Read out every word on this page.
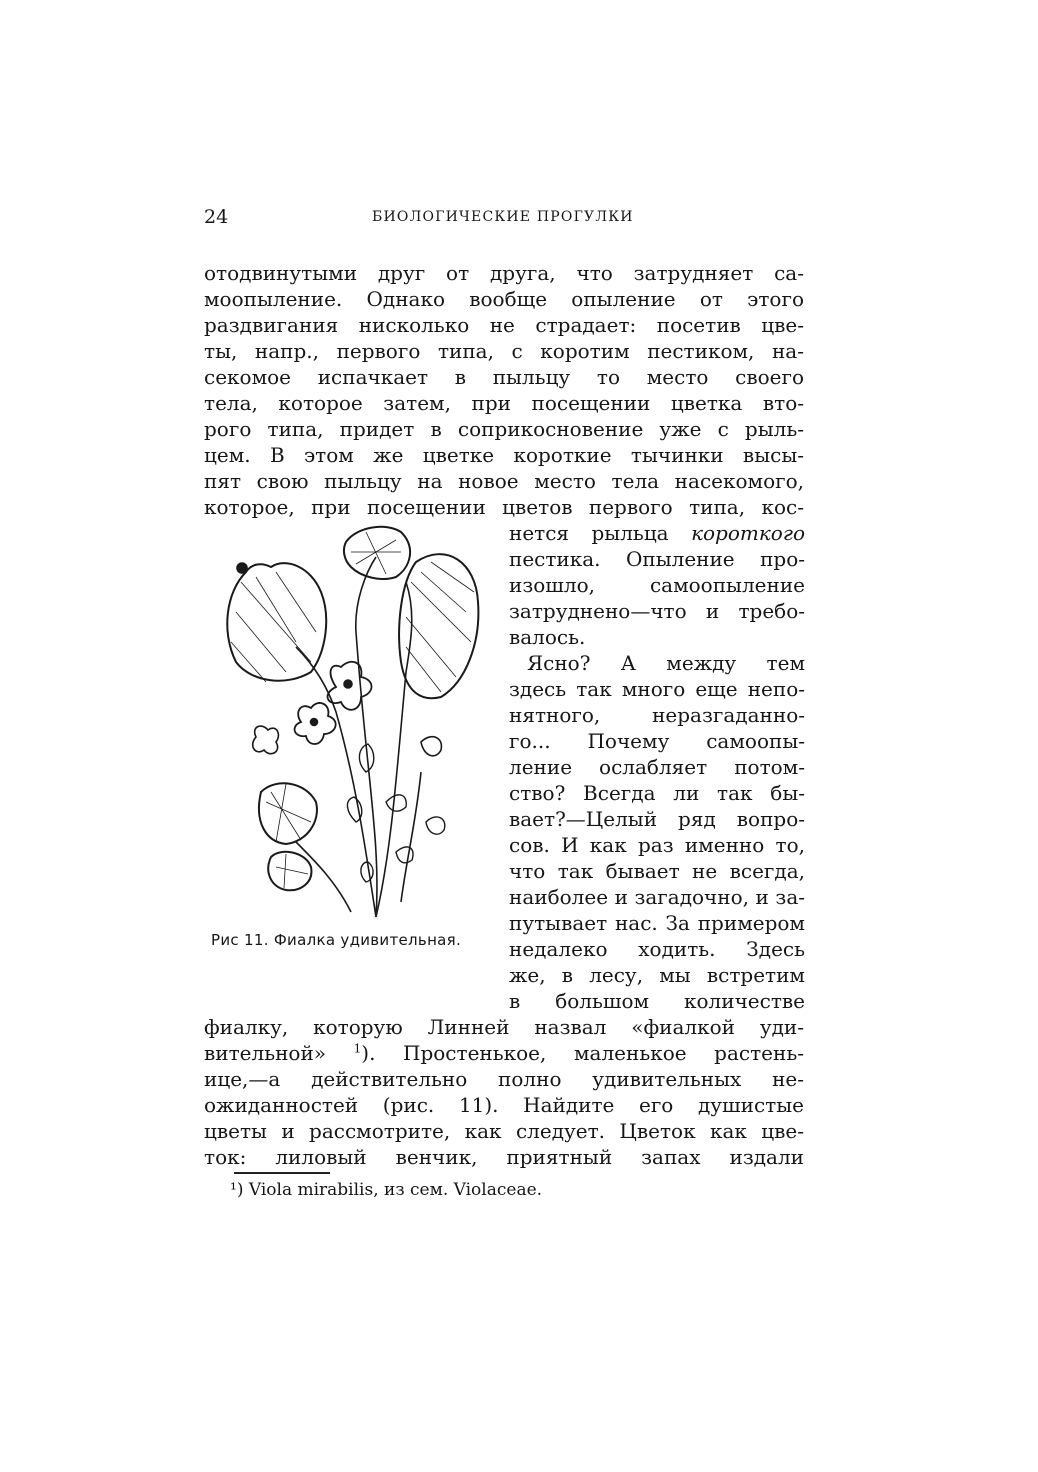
24	БИОЛОГИЧЕСКИЕ ПРОГУЛКИ
отодвинутыми друг от друга, что затрудняет са-
моопыление. Однако вообще опыление от этого
раздвигания нисколько не страдает: посетив цве-
ты, напр., первого типа, с коротим пестиком, на-
секомое испачкает в пыльцу то место своего
тела, которое затем, при посещении цветка вто-
рого типа, придет в соприкосновение уже с рыль-
цем. В этом же цветке короткие тычинки высы-
пят свою пыльцу на новое место тела насекомого,
которое, при посещении цветов первого типа, кос-
нется рыльца короткого
пестика. Опыление про-
изошло, самоопыление
затруднено—что и требо-
валось.
Ясно? А между тем
здесь так много еще непо-
нятного, неразгаданно-
го... Почему самоопы-
ление ослабляет потом-
ство? Всегда ли так бы-
вает?—Целый ряд вопро-
сов. И как раз именно то,
что так бывает не всегда,
наиболее и загадочно, и за-
путывает нас. За примером
недалеко ходить. Здесь
же, в лесу, мы встретим
в большом количестве
Рис 11. Фиалка удивительная.
фиалку, которую Линней назвал «фиалкой уди-
вительной» $^1$). Простенькое, маленькое растень-
ице,—а действительно полно удивительных не-
ожиданностей (рис. 11). Найдите его душистые
цветы и рассмотрите, как следует. Цветок как цве-
ток: лиловый венчик, приятный запах издали
¹) Viola mirabilis, из сем. Violaceae.
